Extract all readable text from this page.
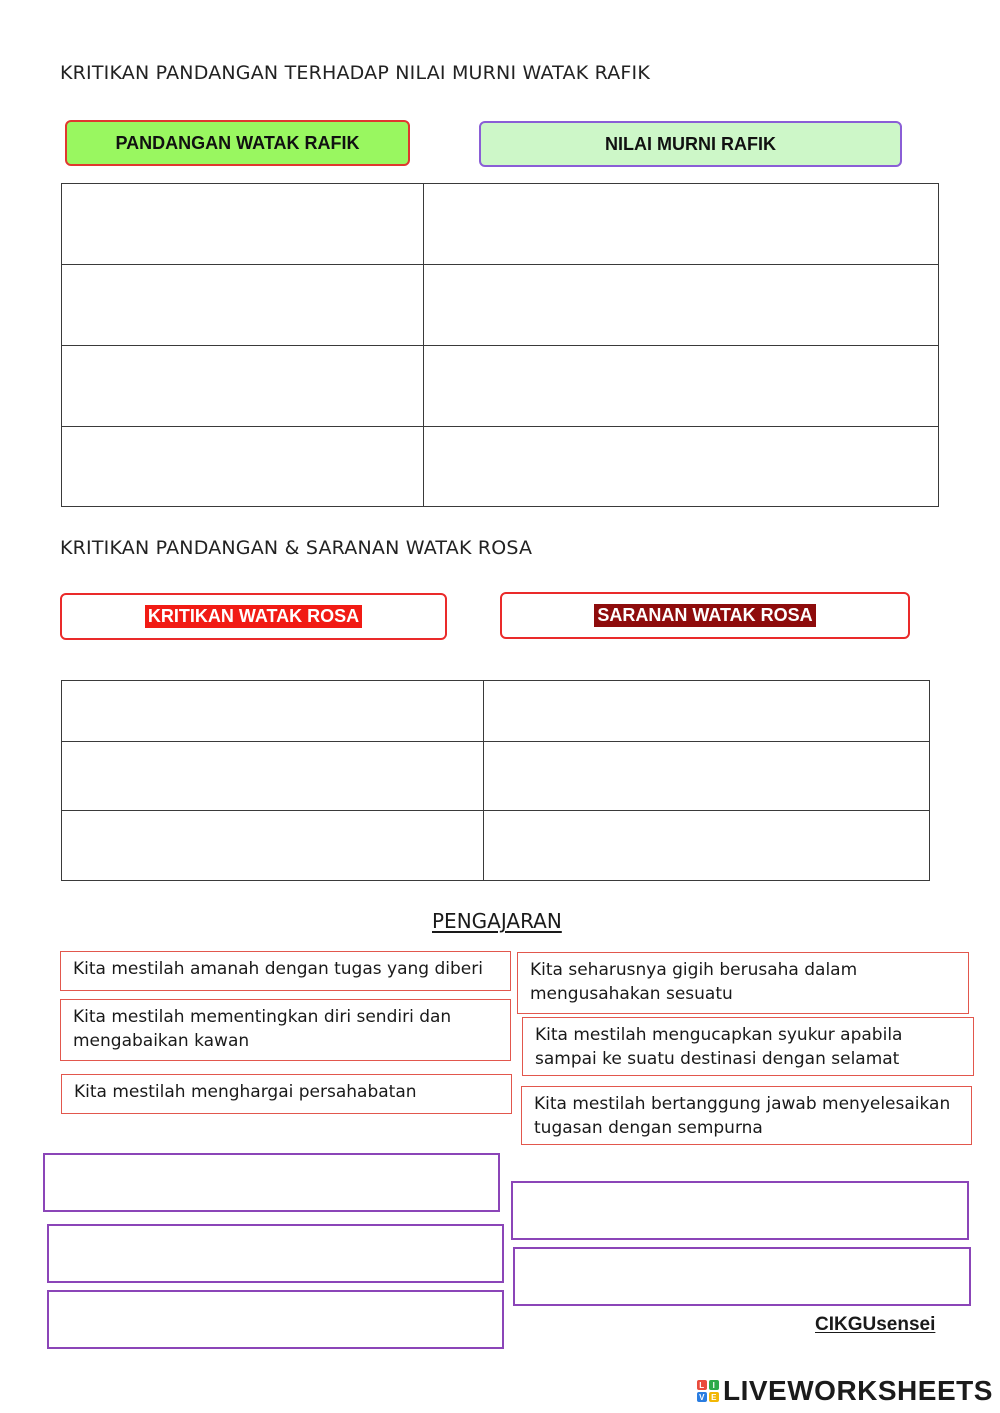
KRITIKAN PANDANGAN TERHADAP NILAI MURNI WATAK RAFIK
PANDANGAN WATAK RAFIK	NILAI MURNI RAFIK

KRITIKAN PANDANGAN & SARANAN WATAK ROSA
KRITIKAN WATAK ROSA	SARANAN WATAK ROSA

PENGAJARAN
Kita mestilah amanah dengan tugas yang diberi
Kita mestilah mementingkan diri sendiri dan mengabaikan kawan
Kita mestilah menghargai persahabatan
Kita seharusnya gigih berusaha dalam mengusahakan sesuatu
Kita mestilah mengucapkan syukur apabila sampai ke suatu destinasi dengan selamat
Kita mestilah bertanggung jawab menyelesaikan tugasan dengan sempurna
CIKGUsensei
L I
V E LIVEWORKSHEETS
